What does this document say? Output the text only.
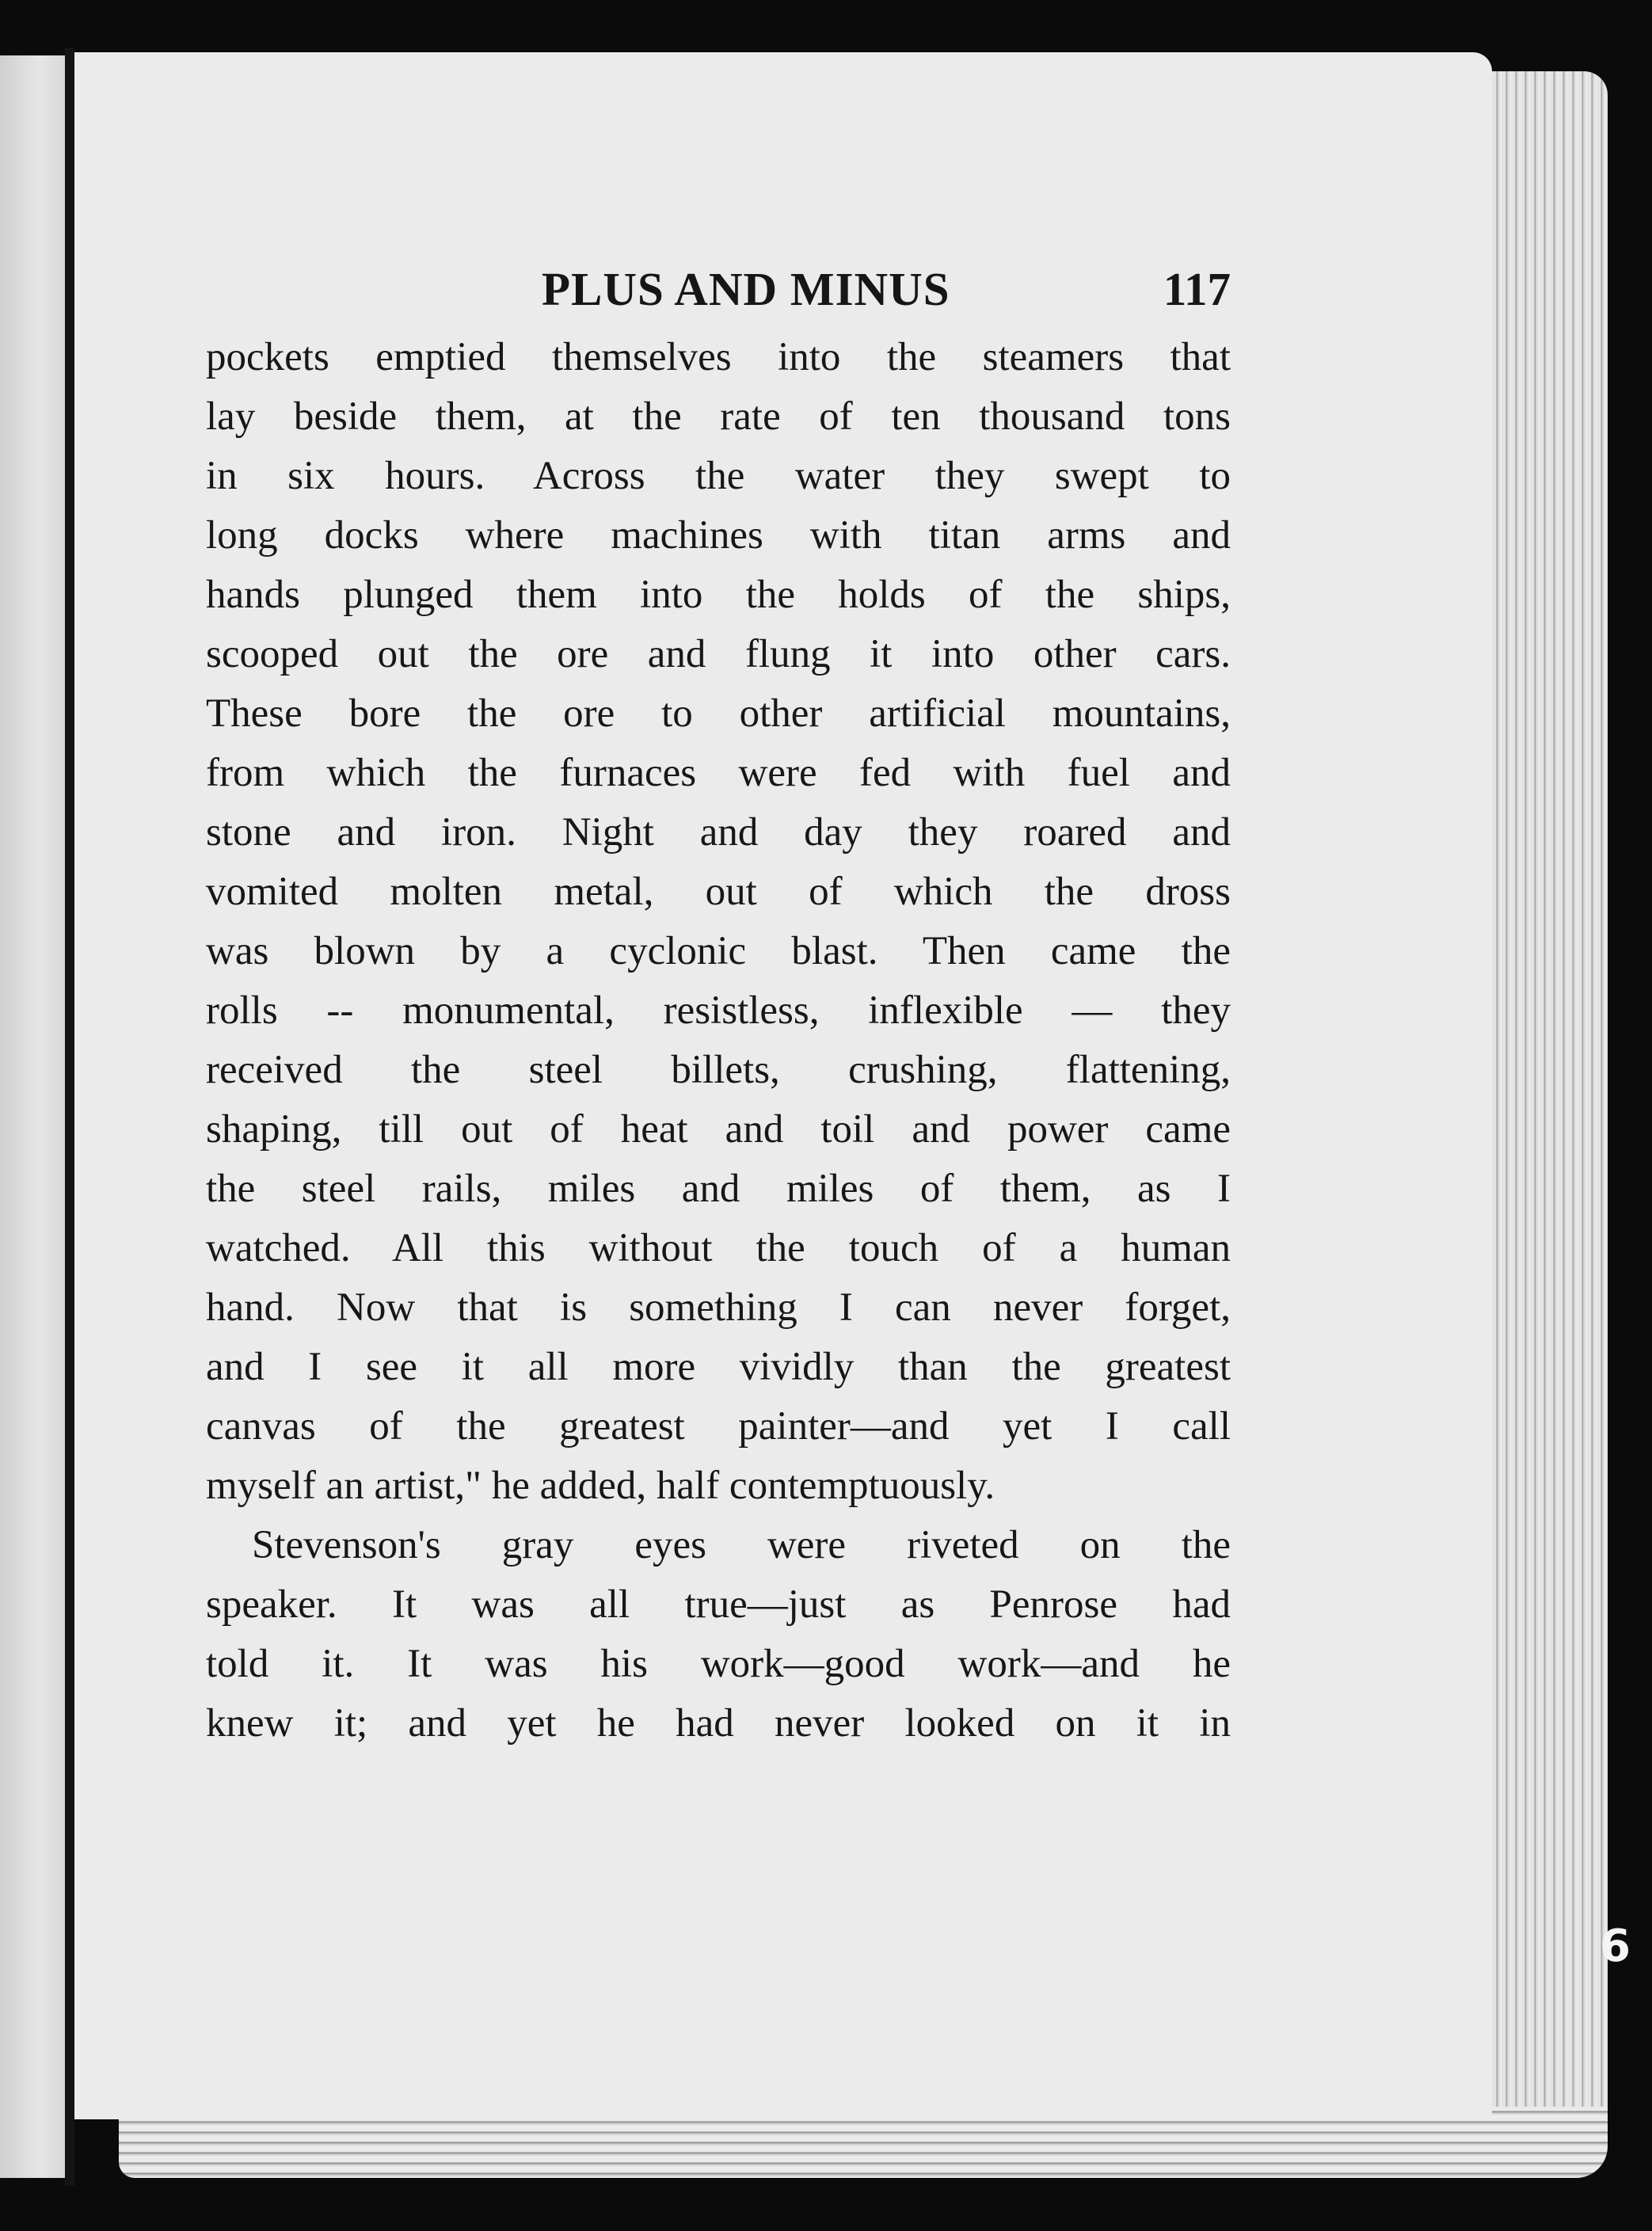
PLUS AND MINUS	117
pockets emptied themselves into the steamers that
lay beside them, at the rate of ten thousand tons
in six hours. Across the water they swept to
long docks where machines with titan arms and
hands plunged them into the holds of the ships,
scooped out the ore and flung it into other cars.
These bore the ore to other artificial mountains,
from which the furnaces were fed with fuel and
stone and iron. Night and day they roared and
vomited molten metal, out of which the dross
was blown by a cyclonic blast. Then came the
rolls -- monumental, resistless, inflexible — they
received the steel billets, crushing, flattening,
shaping, till out of heat and toil and power came
the steel rails, miles and miles of them, as I
watched. All this without the touch of a human
hand. Now that is something I can never forget,
and I see it all more vividly than the greatest
canvas of the greatest painter—and yet I call
myself an artist," he added, half contemptuously.
Stevenson's gray eyes were riveted on the
speaker. It was all true—just as Penrose had
told it. It was his work—good work—and he
knew it; and yet he had never looked on it in
6
